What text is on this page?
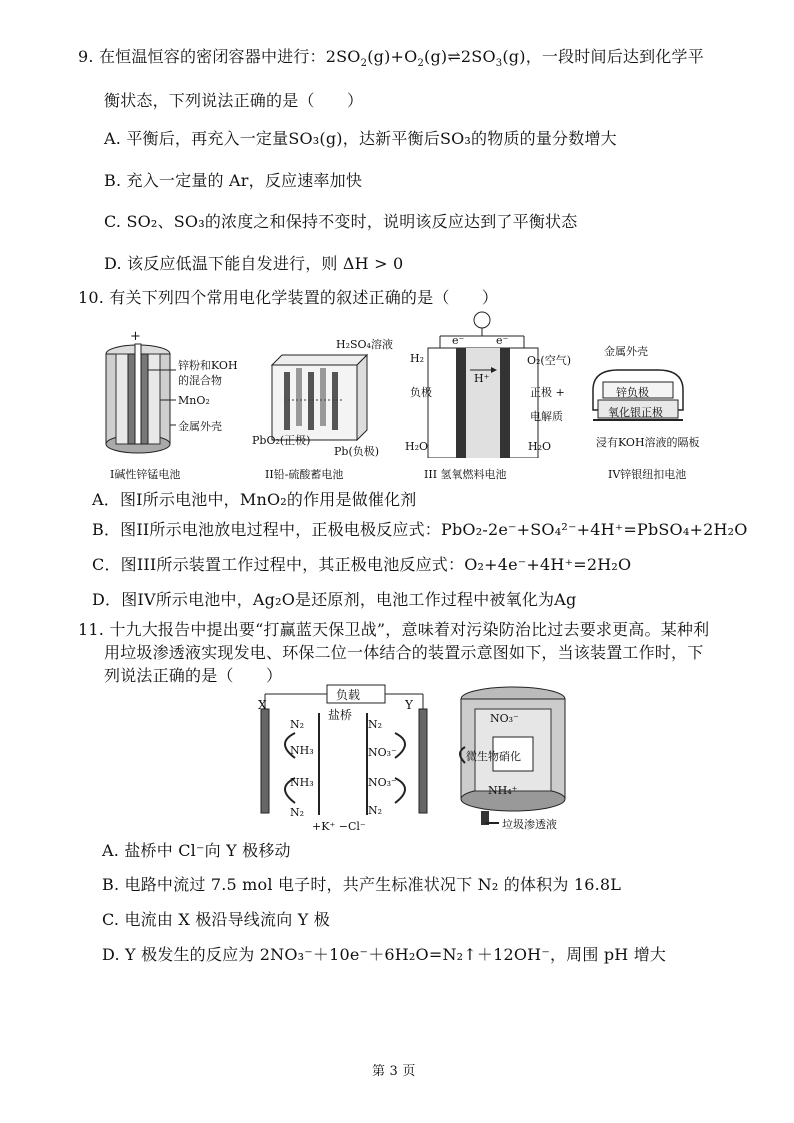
9. 在恒温恒容的密闭容器中进行：$2SO_2(g)+O_2(g)\rightleftharpoons 2SO_3(g)$，一段时间后达到化学平
衡状态，下列说法正确的是（　　）
A. 平衡后，再充入一定量SO₃(g)，达新平衡后SO₃的物质的量分数增大
B. 充入一定量的 Ar，反应速率加快
C. SO₂、SO₃的浓度之和保持不变时，说明该反应达到了平衡状态
D. 该反应低温下能自发进行，则 ΔH > 0
10. 有关下列四个常用电化学装置的叙述正确的是（　　）
+
锌粉和KOH
的混合物
MnO₂
金属外壳
I碱性锌锰电池
H₂SO₄溶液
PbO₂(正极)
Pb(负极)
II铅-硫酸蓄电池
e⁻	e⁻
H₂	O₂(空气)
H⁺
负极	正极 +
电解质
H₂O	H₂O
III 氢氧燃料电池
金属外壳
锌负极
氧化银正极
浸有KOH溶液的隔板
IV锌银纽扣电池
A．图I所示电池中，MnO₂的作用是做催化剂
B．图II所示电池放电过程中，正极电极反应式：PbO₂-2e⁻+SO₄²⁻+4H⁺=PbSO₄+2H₂O
C．图III所示装置工作过程中，其正极电池反应式：O₂+4e⁻+4H⁺=2H₂O
D．图IV所示电池中，Ag₂O是还原剂，电池工作过程中被氧化为Ag
11. 十九大报告中提出要“打赢蓝天保卫战”，意味着对污染防治比过去要求更高。某种利
用垃圾渗透液实现发电、环保二位一体结合的装置示意图如下，当该装置工作时，下
列说法正确的是（　　）
负载
X	Y
盐桥
N₂
NH₃
NH₃
N₂
N₂
NO₃⁻
NO₃⁻
N₂
+K⁺ −Cl⁻
NO₃⁻
微生物硝化
NH₄⁺
垃圾渗透液
A. 盐桥中 Cl⁻向 Y 极移动
B. 电路中流过 7.5 mol 电子时，共产生标准状况下 N₂ 的体积为 16.8L
C. 电流由 X 极沿导线流向 Y 极
D. Y 极发生的反应为 2NO₃⁻＋10e⁻＋6H₂O=N₂↑＋12OH⁻，周围 pH 增大
第 3 页
